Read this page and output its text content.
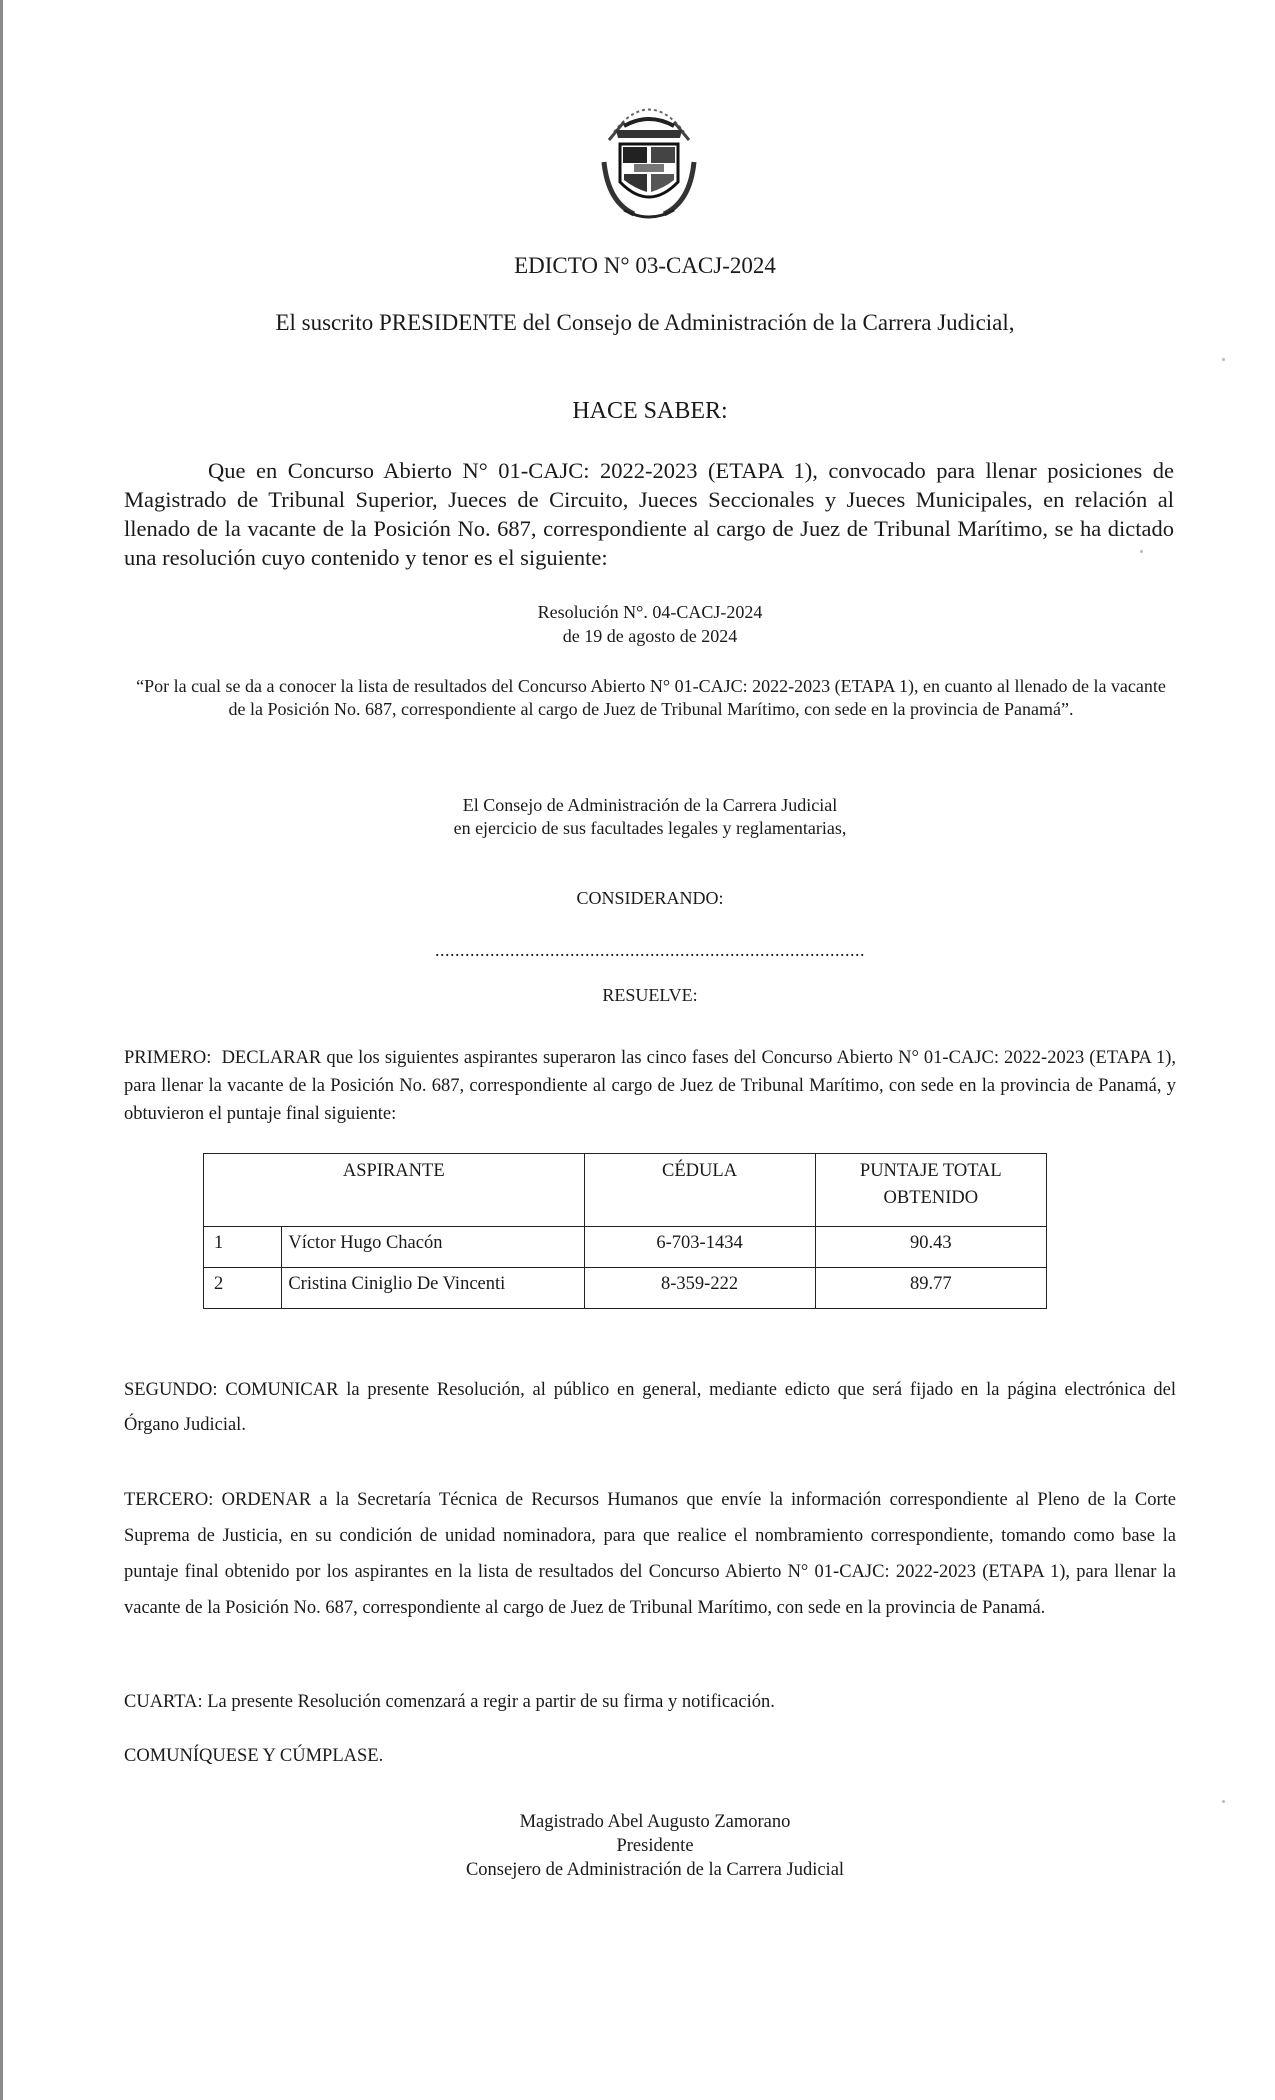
EDICTO N° 03-CACJ-2024
El suscrito PRESIDENTE del Consejo de Administración de la Carrera Judicial,
HACE SABER:
Que en Concurso Abierto N° 01-CAJC: 2022-2023 (ETAPA 1), convocado para llenar posiciones de Magistrado de Tribunal Superior, Jueces de Circuito, Jueces Seccionales y Jueces Municipales, en relación al llenado de la vacante de la Posición No. 687, correspondiente al cargo de Juez de Tribunal Marítimo, se ha dictado una resolución cuyo contenido y tenor es el siguiente:
Resolución N°. 04-CACJ-2024
de 19 de agosto de 2024
“Por la cual se da a conocer la lista de resultados del Concurso Abierto N° 01-CAJC: 2022-2023 (ETAPA 1), en cuanto al llenado de la vacante de la Posición No. 687, correspondiente al cargo de Juez de Tribunal Marítimo, con sede en la provincia de Panamá”.
El Consejo de Administración de la Carrera Judicial
en ejercicio de sus facultades legales y reglamentarias,
CONSIDERANDO:
......................................................................................
RESUELVE:
PRIMERO: DECLARAR que los siguientes aspirantes superaron las cinco fases del Concurso Abierto N° 01-CAJC: 2022-2023 (ETAPA 1), para llenar la vacante de la Posición No. 687, correspondiente al cargo de Juez de Tribunal Marítimo, con sede en la provincia de Panamá, y obtuvieron el puntaje final siguiente:
ASPIRANTE		CÉDULA	PUNTAJE TOTAL OBTENIDO
1	Víctor Hugo Chacón	6-703-1434	90.43
2	Cristina Ciniglio De Vincenti	8-359-222	89.77
SEGUNDO: COMUNICAR la presente Resolución, al público en general, mediante edicto que será fijado en la página electrónica del Órgano Judicial.
TERCERO: ORDENAR a la Secretaría Técnica de Recursos Humanos que envíe la información correspondiente al Pleno de la Corte Suprema de Justicia, en su condición de unidad nominadora, para que realice el nombramiento correspondiente, tomando como base la puntaje final obtenido por los aspirantes en la lista de resultados del Concurso Abierto N° 01-CAJC: 2022-2023 (ETAPA 1), para llenar la vacante de la Posición No. 687, correspondiente al cargo de Juez de Tribunal Marítimo, con sede en la provincia de Panamá.
CUARTA: La presente Resolución comenzará a regir a partir de su firma y notificación.
COMUNÍQUESE Y CÚMPLASE.
Magistrado Abel Augusto Zamorano
Presidente
Consejero de Administración de la Carrera Judicial
